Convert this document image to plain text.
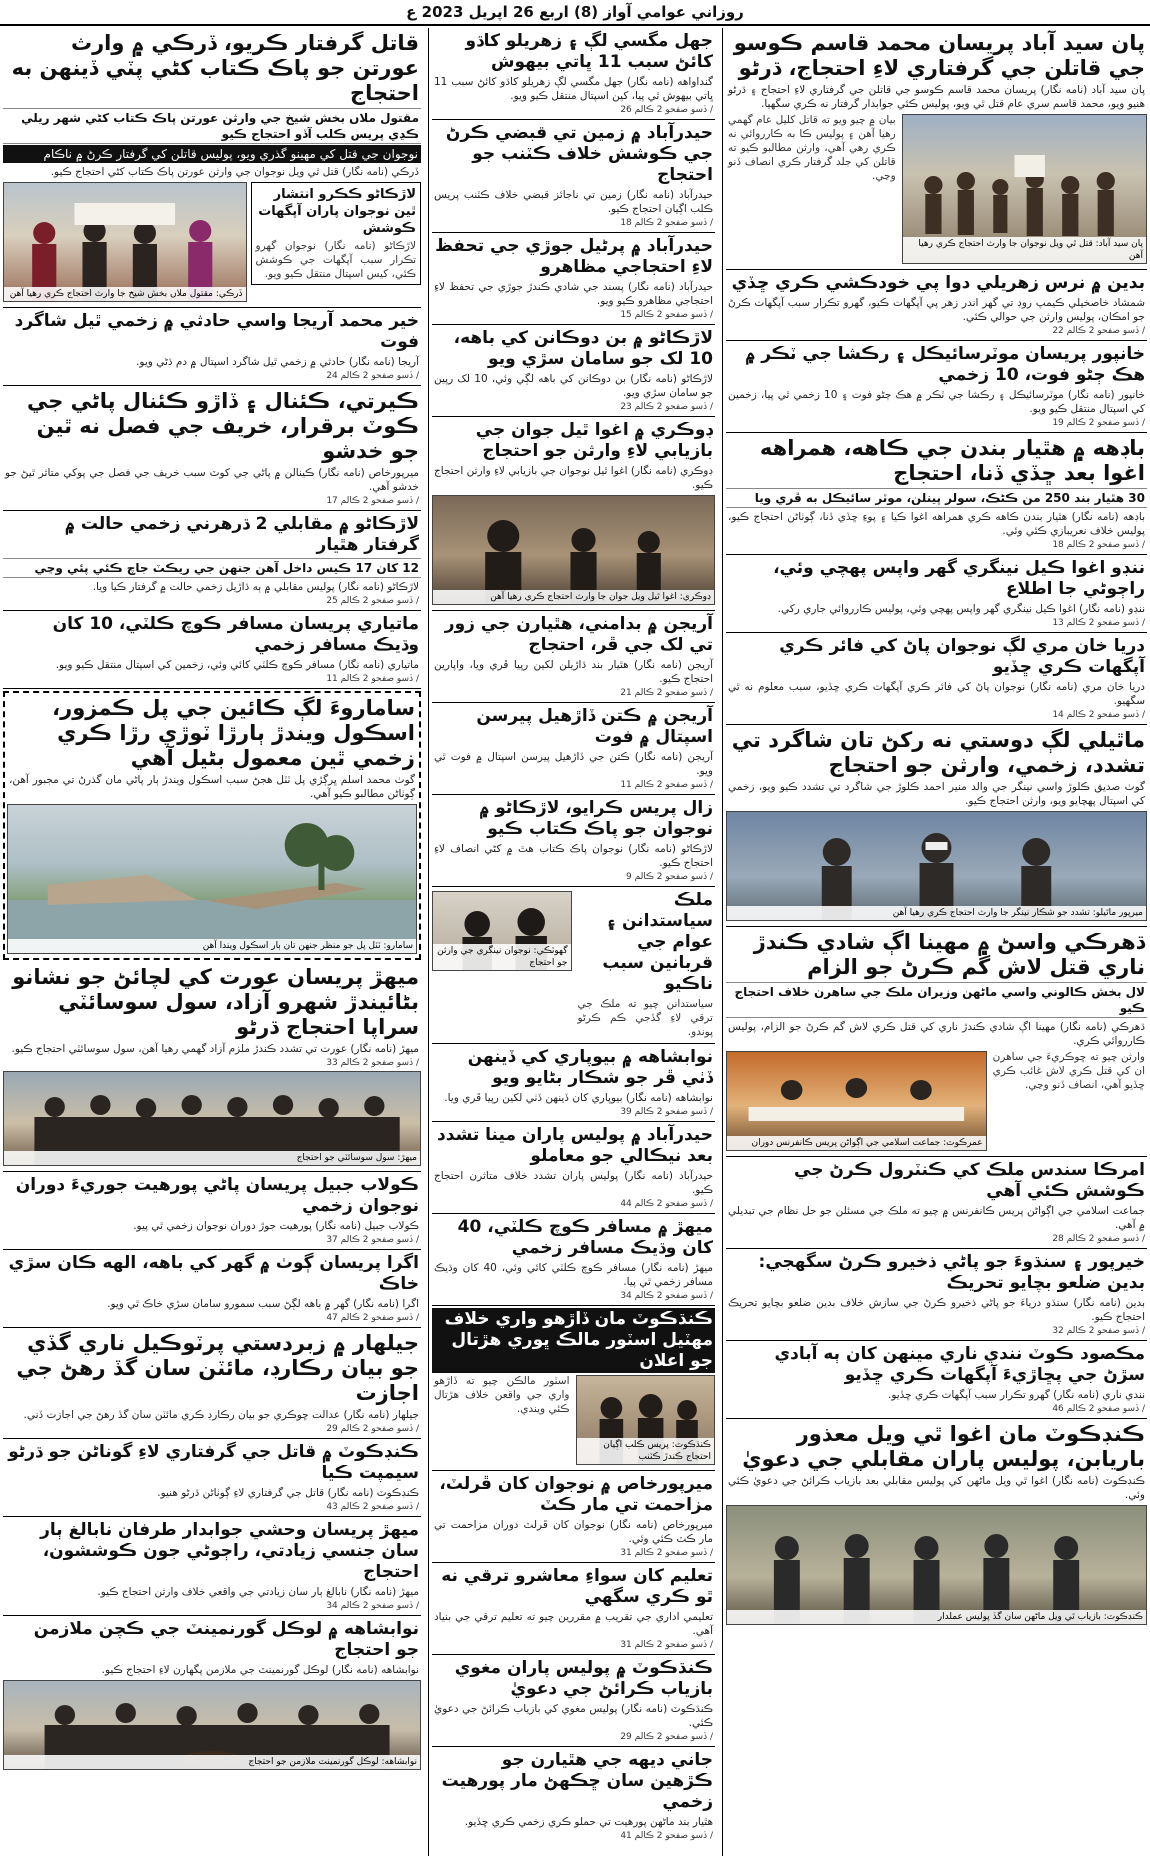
روزاني عوامي آواز (8) اربع 26 اپريل 2023 ع
پان سيد آباد پريسان محمد قاسم ڪوسو جي قاتلن جي گرفتاري لاءِ احتجاج، ڌرڻو
پان سيد آباد (نامه نگار) پريسان محمد قاسم ڪوسو جي قاتلن جي گرفتاري لاءِ احتجاج ۽ ڌرڻو هنيو ويو، محمد قاسم سري عام قتل ٿي ويو، پوليس ڪئي جوابدار گرفتار نه ڪري سگهيا.
پان سيد آباد: قتل ٿي ويل نوجوان جا وارث احتجاج ڪري رهيا آهن
بيان ۾ چيو ويو ته قاتل کليل عام گهمي رهيا آهن ۽ پوليس ڪا به ڪارروائي نه ڪري رهي آهي، وارثن مطالبو ڪيو ته قاتلن کي جلد گرفتار ڪري انصاف ڏنو وڃي.
بدين ۾ نرس زهريلي دوا پي خودڪشي ڪري ڇڏي
شمشاد خاصخيلي ڪيمپ روڊ تي گهر اندر زهر پي آپگهات ڪيو، گهرو تڪرار سبب آپگهات ڪرڻ جو امڪان، پوليس وارثن جي حوالي ڪئي.
/ ڏسو صفحو 2 ڪالم 22
خانپور پريسان موٽرسائيڪل ۽ رڪشا جي ٽڪر ۾ هڪ ڄڻو فوت، 10 زخمي
خانپور (نامه نگار) موٽرسائيڪل ۽ رڪشا جي ٽڪر ۾ هڪ ڄڻو فوت ۽ 10 زخمي ٿي پيا، زخمين کي اسپتال منتقل ڪيو ويو.
/ ڏسو صفحو 2 ڪالم 19
باڊهه ۾ هٿيار بندن جي ڪاهه، همراهه اغوا بعد ڇڏي ڏنا، احتجاج
30 هٿيار بند 250 من ڪڻڪ، سولر پينلن، موٽر سائيڪل به ڦري ويا
باڊهه (نامه نگار) هٿيار بندن ڪاهه ڪري همراهه اغوا ڪيا ۽ پوءِ ڇڏي ڏنا، ڳوٺاڻن احتجاج ڪيو، پوليس خلاف نعريبازي ڪئي وئي.
/ ڏسو صفحو 2 ڪالم 18
ننڊو اغوا ڪيل نينگري گهر واپس پهچي وئي، راڄوڻي جا اطلاع
ننڊو (نامه نگار) اغوا ڪيل نينگري گهر واپس پهچي وئي، پوليس ڪارروائي جاري رکي.
/ ڏسو صفحو 2 ڪالم 13
دريا خان مري لڳ نوجوان پاڻ کي فائر ڪري آپگهات ڪري ڇڏيو
دريا خان مري (نامه نگار) نوجوان پاڻ کي فائر ڪري آپگهات ڪري ڇڏيو، سبب معلوم نه ٿي سگهيو.
/ ڏسو صفحو 2 ڪالم 14
ماٿيلي لڳ دوستي نه رکڻ تان شاگرد تي تشدد، زخمي، وارثن جو احتجاج
گوٺ صديق ڪلوڙ واسي نينگر جي والد منير احمد ڪلوڙ جي شاگرد تي تشدد ڪيو ويو، زخمي کي اسپتال پهچايو ويو، وارثن احتجاج ڪيو.
ميرپور ماٿيلو: تشدد جو شڪار نينگر جا وارث احتجاج ڪري رهيا آهن
ڌهرڪي واسڻ ۾ مهينا اڳ شادي ڪندڙ ناري قتل لاش گم ڪرڻ جو الزام
لال بخش ڪالوني واسي ماڻهن وزيران ملڪ جي ساهرن خلاف احتجاج ڪيو
ڌهرڪي (نامه نگار) مهينا اڳ شادي ڪندڙ ناري کي قتل ڪري لاش گم ڪرڻ جو الزام، پوليس ڪارروائي ڪري.
وارثن چيو ته ڇوڪريءَ جي ساهرن ان کي قتل ڪري لاش غائب ڪري ڇڏيو آهي، انصاف ڏنو وڃي.
عمرڪوٽ: جماعت اسلامي جي اڳواڻن پريس ڪانفرنس دوران
امرڪا سندس ملڪ کي ڪنٽرول ڪرڻ جي ڪوشش ڪئي آهي
جماعت اسلامي جي اڳواڻن پريس ڪانفرنس ۾ چيو ته ملڪ جي مسئلن جو حل نظام جي تبديلي ۾ آهي.
/ ڏسو صفحو 2 ڪالم 28
خيرپور ۽ سنڌوءَ جو پاڻي ذخيرو ڪرڻ سگهجي: بدين ضلعو بچايو تحريڪ
بدين (نامه نگار) سنڌو درياءَ جو پاڻي ذخيرو ڪرڻ جي سازش خلاف بدين ضلعو بچايو تحريڪ احتجاج ڪيو.
/ ڏسو صفحو 2 ڪالم 32
مڪصود ڪوٽ نندي ناري مينهن کان ٻه آبادي سڙڻ جي پڇاڙيءَ آپگهات ڪري ڇڏيو
نندي ناري (نامه نگار) گهرو تڪرار سبب آپگهات ڪري ڇڏيو.
/ ڏسو صفحو 2 ڪالم 46
ڪنڊڪوٽ مان اغوا ٿي ويل معذور باريابن، پوليس پاران مقابلي جي دعويٰ
ڪنڊڪوٽ (نامه نگار) اغوا ٿي ويل ماڻهن کي پوليس مقابلي بعد بازياب ڪرائڻ جي دعويٰ ڪئي وئي.
ڪنڊڪوٽ: بازياب ٿي ويل ماڻهن سان گڏ پوليس عملدار
جهل مگسي لڳ ۽ زهريلو کاڌو کائڻ سبب 11 ڀاتي بيهوش
گنداواهه (نامه نگار) جهل مگسي لڳ زهريلو کاڌو کائڻ سبب 11 ڀاتي بيهوش ٿي پيا، کين اسپتال منتقل ڪيو ويو.
/ ڏسو صفحو 2 ڪالم 26
حيدرآباد ۾ زمين تي قبضي ڪرڻ جي ڪوشش خلاف ڪٽنب جو احتجاج
حيدرآباد (نامه نگار) زمين تي ناجائز قبضي خلاف ڪٽنب پريس ڪلب اڳيان احتجاج ڪيو.
/ ڏسو صفحو 2 ڪالم 18
حيدرآباد ۾ پرڻيل جوڙي جي تحفظ لاءِ احتجاجي مظاهرو
حيدرآباد (نامه نگار) پسند جي شادي ڪندڙ جوڙي جي تحفظ لاءِ احتجاجي مظاهرو ڪيو ويو.
/ ڏسو صفحو 2 ڪالم 15
لاڙڪاڻو ۾ بن دوڪانن کي باهه، 10 لک جو سامان سڙي ويو
لاڙڪاڻو (نامه نگار) بن دوڪانن کي باهه لڳي وئي، 10 لک رپين جو سامان سڙي ويو.
/ ڏسو صفحو 2 ڪالم 23
ڊوڪري ۾ اغوا ٿيل جوان جي بازيابي لاءِ وارثن جو احتجاج
ڊوڪري (نامه نگار) اغوا ٿيل نوجوان جي بازيابي لاءِ وارثن احتجاج ڪيو.
ڊوڪري: اغوا ٿيل ويل جوان جا وارث احتجاج ڪري رهيا آهن
آريجن ۾ بدامني، هٿيارن جي زور تي لک جي ڦر، احتجاج
آريجن (نامه نگار) هٿيار بند ڌاڙيلن لکين رپيا ڦري ويا، واپارين احتجاج ڪيو.
/ ڏسو صفحو 2 ڪالم 21
آريجن ۾ ڪتن ڏاڙهيل پيرسن اسپتال ۾ فوت
آريجن (نامه نگار) ڪتن جي ڏاڙهيل پيرسن اسپتال ۾ فوت ٿي ويو.
/ ڏسو صفحو 2 ڪالم 11
زال پريس ڪرايو، لاڙڪاڻو ۾ نوجوان جو پاڪ ڪتاب ڪيو
لاڙڪاڻو (نامه نگار) نوجوان پاڪ ڪتاب هٿ ۾ کڻي انصاف لاءِ احتجاج ڪيو.
/ ڏسو صفحو 2 ڪالم 9
ملڪ سياستدانن ۽ عوام جي قربانين سبب ناڪيو
سياستدانن چيو ته ملڪ جي ترقي لاءِ گڏجي ڪم ڪرڻو پوندو.
گهوٽڪي: نوجوان نينگري جي وارثن جو احتجاج
نوابشاهه ۾ بيوپاري کي ڏينهن ڏٺي ڦر جو شڪار بڻايو ويو
نوابشاهه (نامه نگار) بيوپاري کان ڏينهن ڏٺي لکين رپيا ڦري ويا.
/ ڏسو صفحو 2 ڪالم 39
حيدرآباد ۾ پوليس پاران مينا تشدد بعد نيڪالي جو معاملو
حيدرآباد (نامه نگار) پوليس پاران تشدد خلاف متاثرن احتجاج ڪيو.
/ ڏسو صفحو 2 ڪالم 44
ميهڙ ۾ مسافر ڪوچ ڪلٽي، 40 کان وڌيڪ مسافر زخمي
ميهڙ (نامه نگار) مسافر ڪوچ ڪلٽي کائي وئي، 40 کان وڌيڪ مسافر زخمي ٿي پيا.
/ ڏسو صفحو 2 ڪالم 34
ڪنڌڪوٽ مان ڏاڙهو واري خلاف مهٽيل اسٽور مالڪ ڀوري هڙتال جو اعلان
ڪنڌڪوٽ: پريس ڪلب اڳيان احتجاج ڪندڙ ڪٽنب
اسٽور مالڪن چيو ته ڏاڙهو واري جي واقعن خلاف هڙتال ڪئي ويندي.
ميرپورخاص ۾ نوجوان کان ڦرلٽ، مزاحمت تي مار ڪٽ
ميرپورخاص (نامه نگار) نوجوان کان ڦرلٽ دوران مزاحمت تي مار ڪٽ ڪئي وئي.
/ ڏسو صفحو 2 ڪالم 31
تعليم کان سواءِ معاشرو ترقي نه ٿو ڪري سگهي
تعليمي اداري جي تقريب ۾ مقررين چيو ته تعليم ترقي جي بنياد آهي.
/ ڏسو صفحو 2 ڪالم 31
ڪنڌڪوٽ ۾ پوليس پاران مغوي بازياب ڪرائڻ جي دعويٰ
ڪنڌڪوٽ (نامه نگار) پوليس مغوي کي بازياب ڪرائڻ جي دعويٰ ڪئي.
/ ڏسو صفحو 2 ڪالم 29
جاني ديهه جي هٿيارن جو ڪڙهين سان ڇڪهڻ مار پورهيت زخمي
هٿيار بند ماڻهن پورهيت تي حملو ڪري زخمي ڪري ڇڏيو.
/ ڏسو صفحو 2 ڪالم 41
قاتل گرفتار ڪريو، ڏرڪي ۾ وارث عورتن جو پاڪ ڪتاب کڻي پٽي ڏينهن به احتجاج
مقتول ملاں بخش شيخ جي وارثن عورتن پاڪ ڪتاب کڻي شهر ريلي ڪڍي پريس ڪلب آڏو احتجاج ڪيو
نوجوان جي قتل کي مهينو گذري ويو، پوليس قاتلن کي گرفتار ڪرڻ ۾ ناڪام
ڏرڪي (نامه نگار) قتل ٿي ويل نوجوان جي وارثن عورتن پاڪ ڪتاب کڻي احتجاج ڪيو.
لاڙڪاڻو ڪڪرو انتشار ٿين نوجوان پاران آپگهات ڪوشش
لاڙڪاڻو (نامه نگار) نوجوان گهرو تڪرار سبب آپگهات جي ڪوشش ڪئي، کيس اسپتال منتقل ڪيو ويو.
ڏرڪي: مقتول ملاں بخش شيخ جا وارث احتجاج ڪري رهيا آهن
خير محمد آريجا واسي حادثي ۾ زخمي ٿيل شاگرد فوت
آريجا (نامه نگار) حادثي ۾ زخمي ٿيل شاگرد اسپتال ۾ دم ڌڻي ويو.
/ ڏسو صفحو 2 ڪالم 24
ڪيرتي، ڪئنال ۽ ڏاڙو ڪئنال پاڻي جي ڪوٽ برقرار، خريف جي فصل نه ٿين جو خدشو
ميرپورخاص (نامه نگار) ڪينالن ۾ پاڻي جي کوٽ سبب خريف جي فصل جي پوکي متاثر ٿيڻ جو خدشو آهي.
/ ڏسو صفحو 2 ڪالم 17
لاڙڪاڻو ۾ مقابلي 2 ڌرهرني زخمي حالت ۾ گرفتار هٿيار
12 کان 17 ڪيس داخل آهن جنهن جي ريڪٽ جاچ ڪئي پئي وڃي
لاڙڪاڻو (نامه نگار) پوليس مقابلي ۾ ٻه ڌاڙيل زخمي حالت ۾ گرفتار ڪيا ويا.
/ ڏسو صفحو 2 ڪالم 25
ماتياري پريسان مسافر ڪوچ ڪلٽي، 10 کان وڌيڪ مسافر زخمي
ماتياري (نامه نگار) مسافر ڪوچ ڪلٽي کائي وئي، زخمين کي اسپتال منتقل ڪيو ويو.
/ ڏسو صفحو 2 ڪالم 11
ساماروءَ لڳ ڪائين جي پل ڪمزور، اسڪول ويندڙ ٻارڙا ٽوڙي رڙا ڪري زخمي ٿين معمول بڻيل آهي
گوٺ محمد اسلم ڀرڳڙي پل ٽٽل هجڻ سبب اسڪول ويندڙ ٻار پاڻي مان گذرڻ تي مجبور آهن، ڳوٺاڻن مطالبو ڪيو آهي.
سامارو: ٽٽل پل جو منظر جنهن تان ٻار اسڪول ويندا آهن
ميهڙ پريسان عورت کي لچائڻ جو نشانو بڻائيندڙ شهرو آزاد، سول سوسائٽي سراپا احتجاج ڌرڻو
ميهڙ (نامه نگار) عورت تي تشدد ڪندڙ ملزم آزاد گهمي رهيا آهن، سول سوسائٽي احتجاج ڪيو.
/ ڏسو صفحو 2 ڪالم 33
ميهڙ: سول سوسائٽي جو احتجاج
ڪولاب جبيل پريسان پاڻي پورهيت جوريءَ دوران نوجوان زخمي
ڪولاب جبيل (نامه نگار) پورهيت جوڙ دوران نوجوان زخمي ٿي پيو.
/ ڏسو صفحو 2 ڪالم 37
اگرا پريسان ڳوٺ ۾ گهر کي باهه، الهه ڪان سڙي خاڪ
اگرا (نامه نگار) گهر ۾ باهه لڳڻ سبب سمورو سامان سڙي خاڪ ٿي ويو.
/ ڏسو صفحو 2 ڪالم 47
جيلهار ۾ زبردستي پرٽوڪيل ناري گڏي جو بيان رڪارڊ، مائٽن سان گڏ رهڻ جي اجازت
جيلهار (نامه نگار) عدالت ڇوڪري جو بيان رڪارڊ ڪري مائٽن سان گڏ رهڻ جي اجازت ڏني.
/ ڏسو صفحو 2 ڪالم 29
ڪنڊڪوٽ ۾ قاتل جي گرفتاري لاءِ گوناڻن جو ڌرڻو سيمپت ڪيا
ڪنڊڪوٽ (نامه نگار) قاتل جي گرفتاري لاءِ ڳوٺاڻن ڌرڻو هنيو.
/ ڏسو صفحو 2 ڪالم 43
ميهڙ پريسان وحشي جوابدار طرفان نابالغ ٻار سان جنسي زيادتي، راڄوڻي جون ڪوششون، احتجاج
ميهڙ (نامه نگار) نابالغ ٻار سان زيادتي جي واقعي خلاف وارثن احتجاج ڪيو.
/ ڏسو صفحو 2 ڪالم 34
نوابشاهه ۾ لوڪل گورنمينٽ جي ڪچن ملازمن جو احتجاج
نوابشاهه (نامه نگار) لوڪل گورنمينٽ جي ملازمن پگهارن لاءِ احتجاج ڪيو.
نوابشاهه: لوڪل گورنمينٽ ملازمن جو احتجاج
